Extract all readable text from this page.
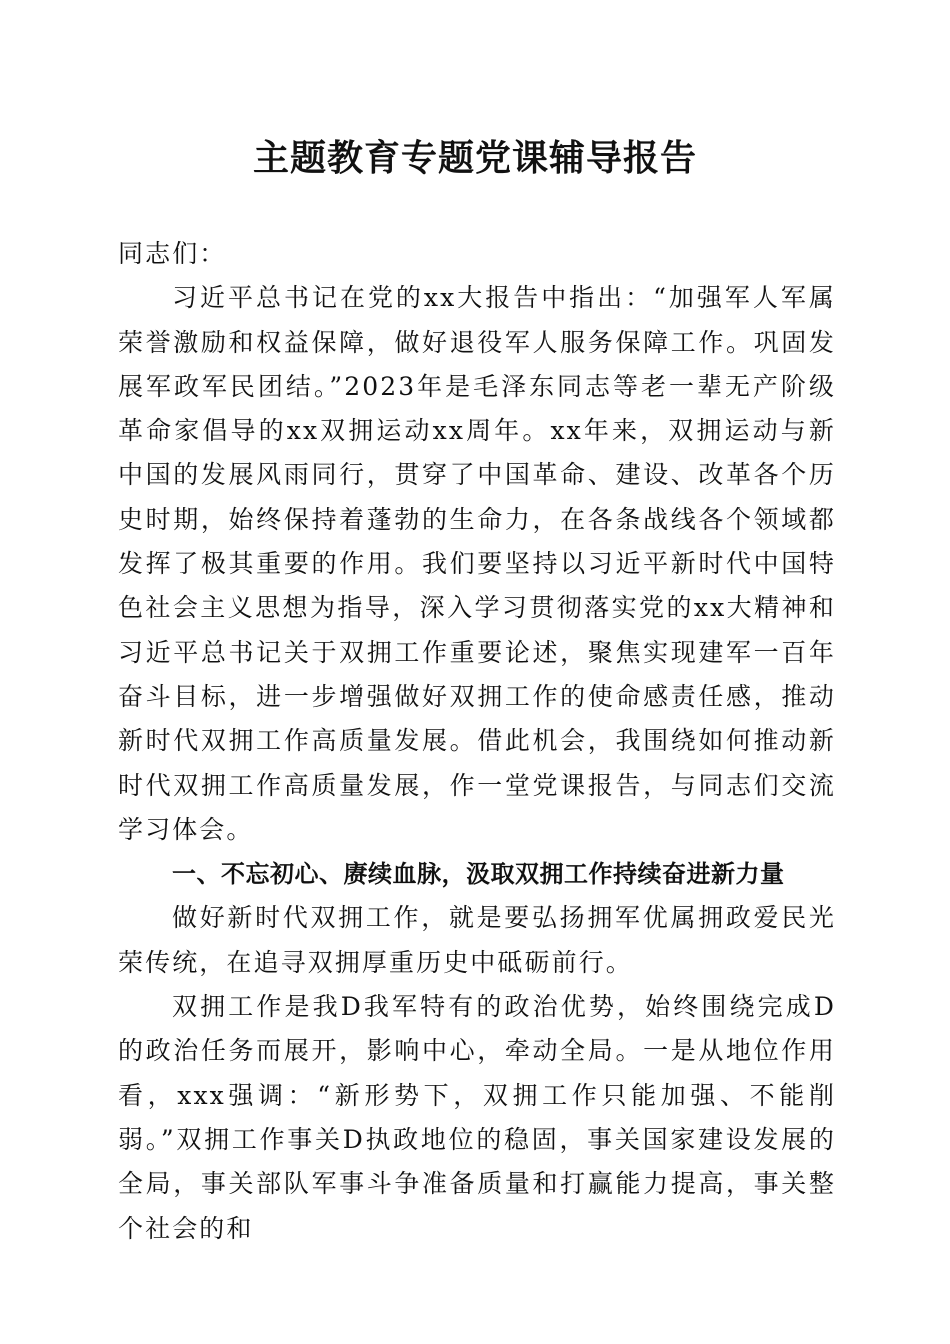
主题教育专题党课辅导报告

同志们：

习近平总书记在党的xx大报告中指出：“加强军人军属荣誉激励和权益保障，做好退役军人服务保障工作。巩固发展军政军民团结。”2023年是毛泽东同志等老一辈无产阶级革命家倡导的xx双拥运动xx周年。xx年来，双拥运动与新中国的发展风雨同行，贯穿了中国革命、建设、改革各个历史时期，始终保持着蓬勃的生命力，在各条战线各个领域都发挥了极其重要的作用。我们要坚持以习近平新时代中国特色社会主义思想为指导，深入学习贯彻落实党的xx大精神和习近平总书记关于双拥工作重要论述，聚焦实现建军一百年奋斗目标，进一步增强做好双拥工作的使命感责任感，推动新时代双拥工作高质量发展。借此机会，我围绕如何推动新时代双拥工作高质量发展，作一堂党课报告，与同志们交流学习体会。

一、不忘初心、赓续血脉，汲取双拥工作持续奋进新力量

做好新时代双拥工作，就是要弘扬拥军优属拥政爱民光荣传统，在追寻双拥厚重历史中砥砺前行。

双拥工作是我D我军特有的政治优势，始终围绕完成D的政治任务而展开，影响中心，牵动全局。一是从地位作用看，xxx强调：“新形势下，双拥工作只能加强、不能削弱。”双拥工作事关D执政地位的稳固，事关国家建设发展的全局，事关部队军事斗争准备质量和打赢能力提高，事关整个社会的和
